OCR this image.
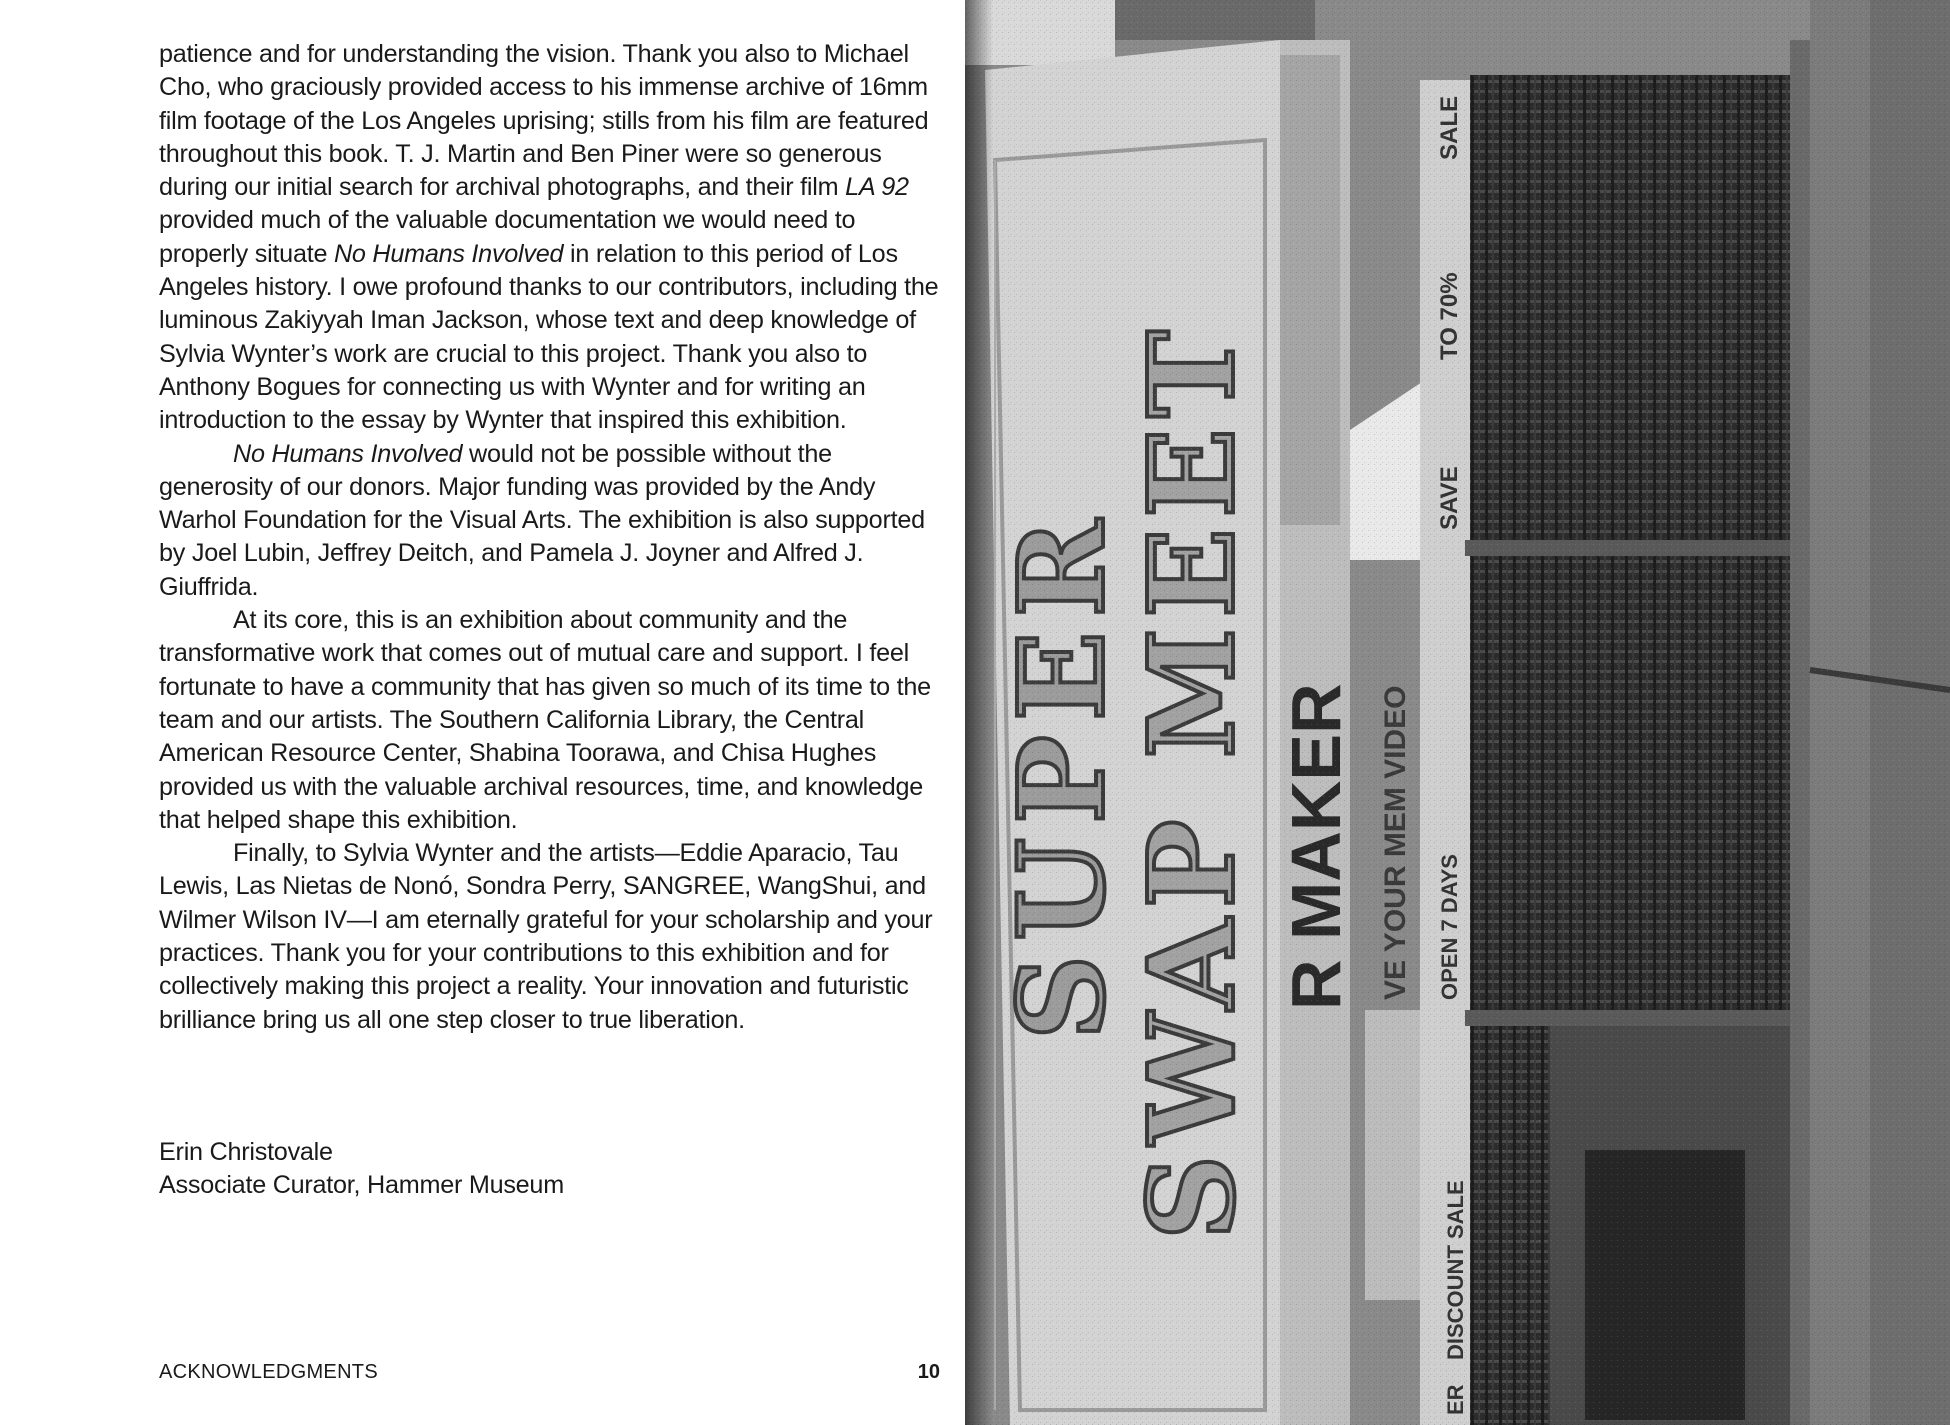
patience and for understanding the vision. Thank you also to Michael Cho, who graciously provided access to his immense archive of 16mm film footage of the Los Angeles uprising; stills from his film are featured throughout this book. T. J. Martin and Ben Piner were so generous during our initial search for archival photographs, and their film LA 92 provided much of the valuable documentation we would need to properly situate No Humans Involved in relation to this period of Los Angeles history. I owe profound thanks to our contributors, including the luminous Zakiyyah Iman Jackson, whose text and deep knowledge of Sylvia Wynter’s work are crucial to this project. Thank you also to Anthony Bogues for connecting us with Wynter and for writing an introduction to the essay by Wynter that inspired this exhibition.

No Humans Involved would not be possible without the generosity of our donors. Major funding was provided by the Andy Warhol Foundation for the Visual Arts. The exhibition is also supported by Joel Lubin, Jeffrey Deitch, and Pamela J. Joyner and Alfred J. Giuffrida.

At its core, this is an exhibition about community and the transformative work that comes out of mutual care and support. I feel fortunate to have a community that has given so much of its time to the team and our artists. The Southern California Library, the Central American Resource Center, Shabina Toorawa, and Chisa Hughes provided us with the valuable archival resources, time, and knowledge that helped shape this exhibition.

Finally, to Sylvia Wynter and the artists—Eddie Aparacio, Tau Lewis, Las Nietas de Nonó, Sondra Perry, SANGREE, WangShui, and Wilmer Wilson IV—I am eternally grateful for your scholarship and your practices. Thank you for your contributions to this exhibition and for collectively making this project a reality. Your innovation and futuristic brilliance bring us all one step closer to true liberation.

Erin Christovale
Associate Curator, Hammer Museum
ACKNOWLEDGMENTS	10
